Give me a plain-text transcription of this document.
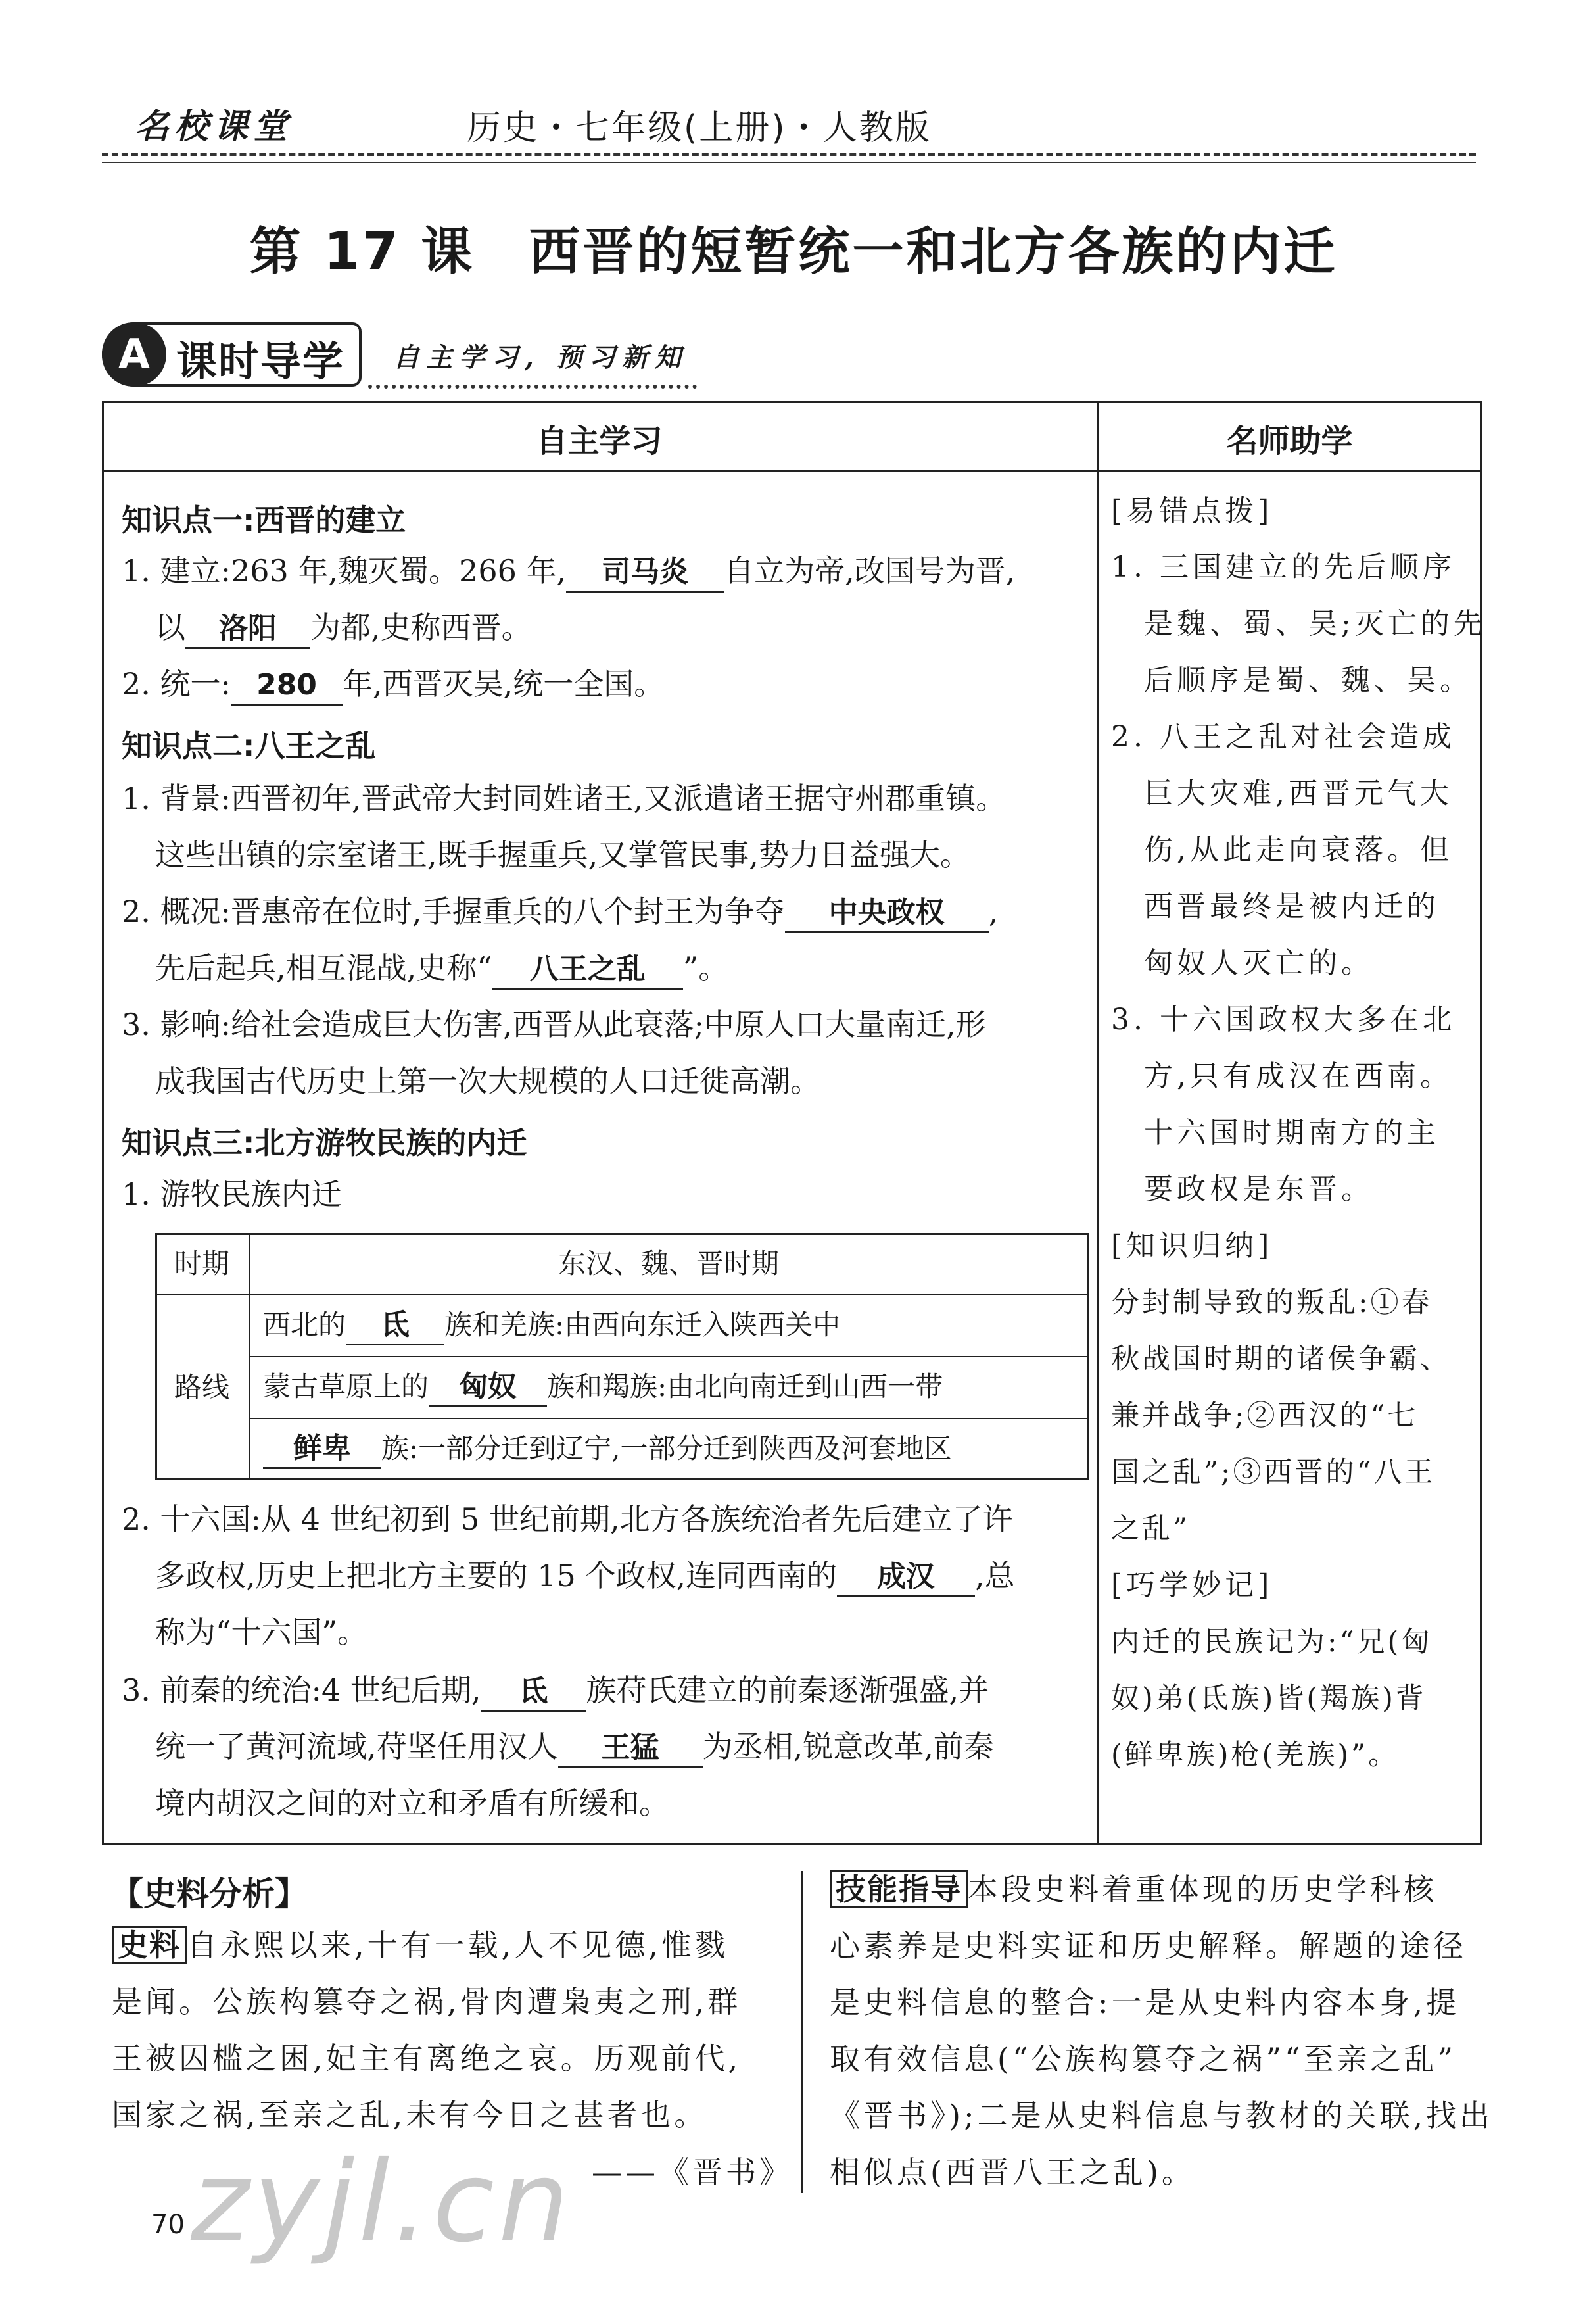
名校课堂	历史・七年级(上册)・人教版
第 17 课　西晋的短暂统一和北方各族的内迁
A 课时导学 自主学习, 预习新知
自主学习	名师助学
知识点一:西晋的建立
1. 建立:263 年,魏灭蜀。266 年, 司马炎 自立为帝,改国号为晋,
以 洛阳 为都,史称西晋。
2. 统一: 280 年,西晋灭吴,统一全国。
知识点二:八王之乱
1. 背景:西晋初年,晋武帝大封同姓诸王,又派遣诸王据守州郡重镇。
这些出镇的宗室诸王,既手握重兵,又掌管民事,势力日益强大。
2. 概况:晋惠帝在位时,手握重兵的八个封王为争夺 中央政权 ,
先后起兵,相互混战,史称“ 八王之乱 ”。
3. 影响:给社会造成巨大伤害,西晋从此衰落;中原人口大量南迁,形
成我国古代历史上第一次大规模的人口迁徙高潮。
知识点三:北方游牧民族的内迁
1. 游牧民族内迁
时期	东汉、魏、晋时期
路线
西北的 氐 族和羌族:由西向东迁入陕西关中
蒙古草原上的 匈奴 族和羯族:由北向南迁到山西一带
鲜卑 族:一部分迁到辽宁,一部分迁到陕西及河套地区
2. 十六国:从 4 世纪初到 5 世纪前期,北方各族统治者先后建立了许
多政权,历史上把北方主要的 15 个政权,连同西南的 成汉 ,总
称为“十六国”。
3. 前秦的统治:4 世纪后期, 氐 族苻氏建立的前秦逐渐强盛,并
统一了黄河流域,苻坚任用汉人 王猛 为丞相,锐意改革,前秦
境内胡汉之间的对立和矛盾有所缓和。
[易错点拨]
1. 三国建立的先后顺序
是魏、蜀、吴;灭亡的先
后顺序是蜀、魏、吴。
2. 八王之乱对社会造成
巨大灾难,西晋元气大
伤,从此走向衰落。但
西晋最终是被内迁的
匈奴人灭亡的。
3. 十六国政权大多在北
方,只有成汉在西南。
十六国时期南方的主
要政权是东晋。
[知识归纳]
分封制导致的叛乱:①春
秋战国时期的诸侯争霸、
兼并战争;②西汉的“七
国之乱”;③西晋的“八王
之乱”
[巧学妙记]
内迁的民族记为:“兄(匈
奴)弟(氐族)皆(羯族)背
(鲜卑族)枪(羌族)”。
【史料分析】
史料 自永熙以来,十有一载,人不见德,惟戮
是闻。公族构篡夺之祸,骨肉遭枭夷之刑,群
王被囚槛之困,妃主有离绝之哀。历观前代,
国家之祸,至亲之乱,未有今日之甚者也。
——《晋书》
技能指导 本段史料着重体现的历史学科核
心素养是史料实证和历史解释。解题的途径
是史料信息的整合:一是从史料内容本身,提
取有效信息(“公族构篡夺之祸”“至亲之乱”
《晋书》);二是从史料信息与教材的关联,找出
相似点(西晋八王之乱)。
zyjl.cn
70
